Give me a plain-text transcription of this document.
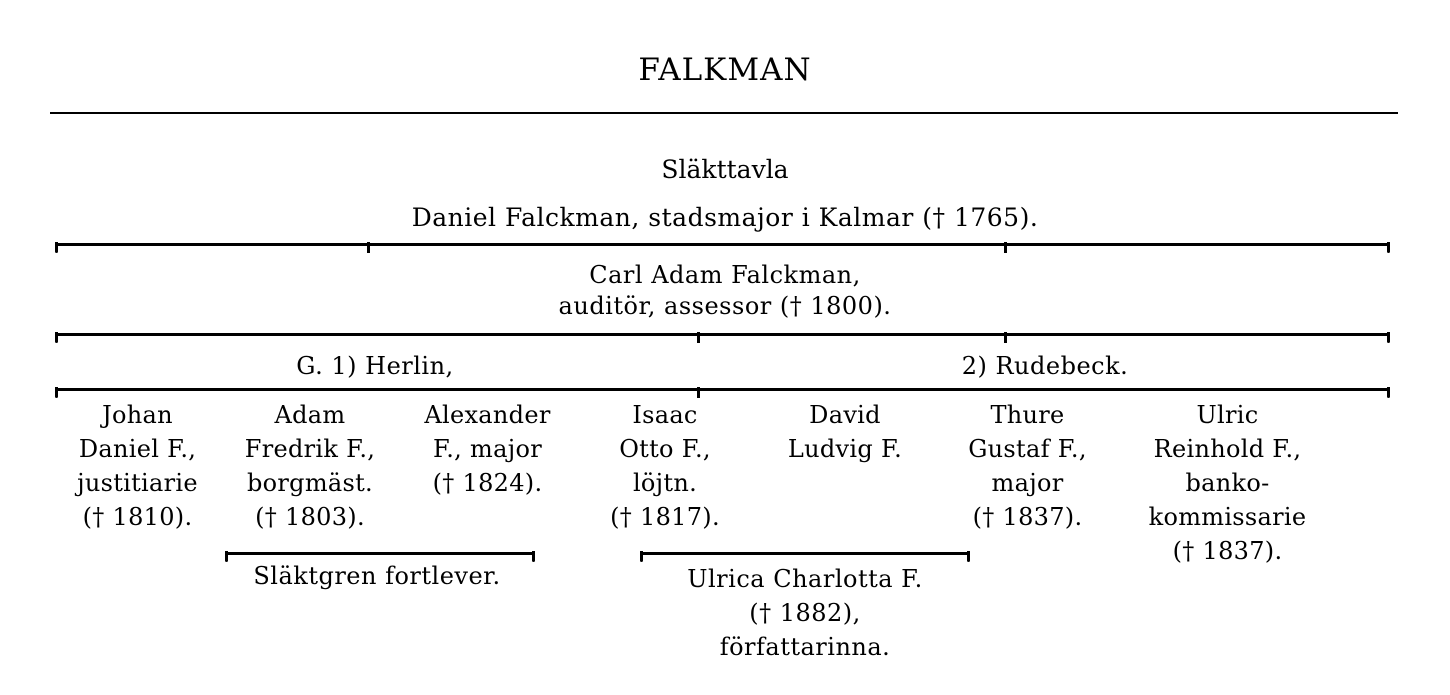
FALKMAN
Släkttavla
Daniel Falckman, stadsmajor i Kalmar († 1765).
Carl Adam Falckman,
auditör, assessor († 1800).
G. 1) Herlin,	2) Rudebeck.
Johan
Daniel F.,
justitiarie
(† 1810).
Adam
Fredrik F.,
borgmäst.
(† 1803).
Alexander
F., major
(† 1824).
Isaac
Otto F.,
löjtn.
(† 1817).
David
Ludvig F.
Thure
Gustaf F.,
major
(† 1837).
Ulric
Reinhold F.,
banko-
kommissarie
(† 1837).
Släktgren fortlever.	Ulrica Charlotta F.
(† 1882),
författarinna.
